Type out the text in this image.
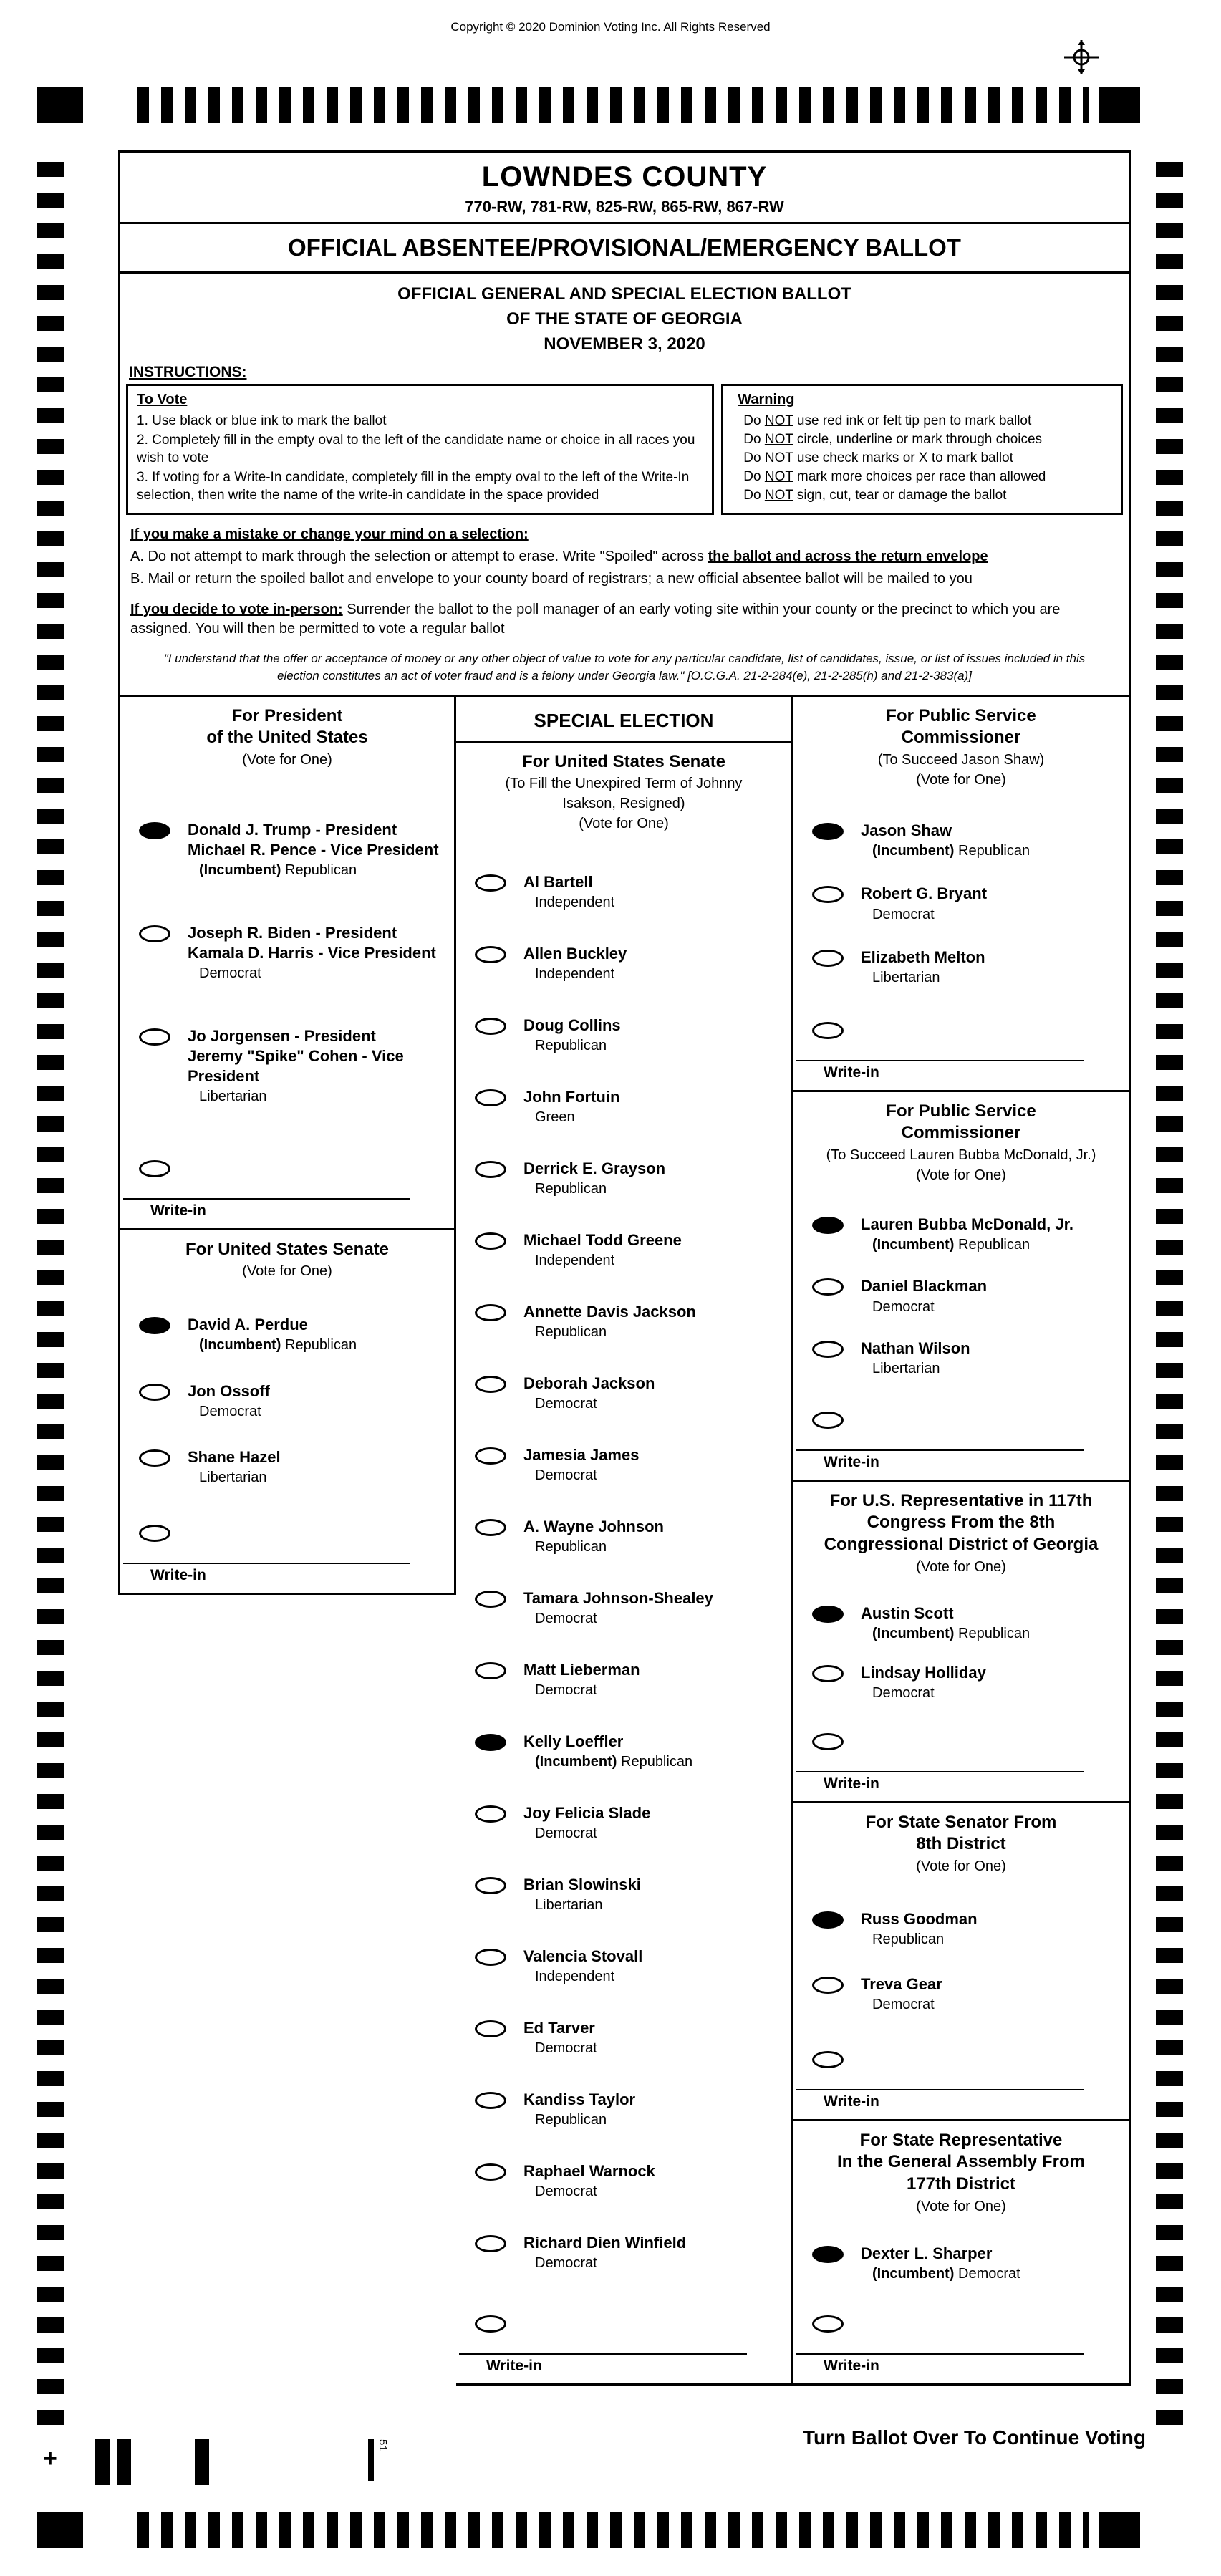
Copyright © 2020 Dominion Voting Inc. All Rights Reserved
LOWNDES COUNTY
770-RW, 781-RW, 825-RW, 865-RW, 867-RW
OFFICIAL ABSENTEE/PROVISIONAL/EMERGENCY BALLOT
OFFICIAL GENERAL AND SPECIAL ELECTION BALLOT
OF THE STATE OF GEORGIA
NOVEMBER 3, 2020
INSTRUCTIONS:
To Vote
1. Use black or blue ink to mark the ballot
2. Completely fill in the empty oval to the left of the candidate name or choice in all races you wish to vote
3. If voting for a Write-In candidate, completely fill in the empty oval to the left of the Write-In selection, then write the name of the write-in candidate in the space provided
Warning
Do NOT use red ink or felt tip pen to mark ballot
Do NOT circle, underline or mark through choices
Do NOT use check marks or X to mark ballot
Do NOT mark more choices per race than allowed
Do NOT sign, cut, tear or damage the ballot
If you make a mistake or change your mind on a selection:
A. Do not attempt to mark through the selection or attempt to erase. Write "Spoiled" across the ballot and across the return envelope
B. Mail or return the spoiled ballot and envelope to your county board of registrars; a new official absentee ballot will be mailed to you
If you decide to vote in-person: Surrender the ballot to the poll manager of an early voting site within your county or the precinct to which you are assigned. You will then be permitted to vote a regular ballot
"I understand that the offer or acceptance of money or any other object of value to vote for any particular candidate, list of candidates, issue, or list of issues included in this election constitutes an act of voter fraud and is a felony under Georgia law." [O.C.G.A. 21-2-284(e), 21-2-285(h) and 21-2-383(a)]
For President
of the United States
(Vote for One)
Donald J. Trump - President
Michael R. Pence - Vice President
(Incumbent) Republican
Joseph R. Biden - President
Kamala D. Harris - Vice President
Democrat
Jo Jorgensen - President
Jeremy "Spike" Cohen - Vice President
Libertarian
Write-in
For United States Senate
(Vote for One)
David A. Perdue
(Incumbent) Republican
Jon Ossoff
Democrat
Shane Hazel
Libertarian
Write-in
SPECIAL ELECTION
For United States Senate
(To Fill the Unexpired Term of Johnny
Isakson, Resigned)
(Vote for One)
Al Bartell
Independent
Allen Buckley
Independent
Doug Collins
Republican
John Fortuin
Green
Derrick E. Grayson
Republican
Michael Todd Greene
Independent
Annette Davis Jackson
Republican
Deborah Jackson
Democrat
Jamesia James
Democrat
A. Wayne Johnson
Republican
Tamara Johnson-Shealey
Democrat
Matt Lieberman
Democrat
Kelly Loeffler
(Incumbent) Republican
Joy Felicia Slade
Democrat
Brian Slowinski
Libertarian
Valencia Stovall
Independent
Ed Tarver
Democrat
Kandiss Taylor
Republican
Raphael Warnock
Democrat
Richard Dien Winfield
Democrat
Write-in
For Public Service
Commissioner
(To Succeed Jason Shaw)
(Vote for One)
Jason Shaw
(Incumbent) Republican
Robert G. Bryant
Democrat
Elizabeth Melton
Libertarian
Write-in
For Public Service
Commissioner
(To Succeed Lauren Bubba McDonald, Jr.)
(Vote for One)
Lauren Bubba McDonald, Jr.
(Incumbent) Republican
Daniel Blackman
Democrat
Nathan Wilson
Libertarian
Write-in
For U.S. Representative in 117th
Congress From the 8th
Congressional District of Georgia
(Vote for One)
Austin Scott
(Incumbent) Republican
Lindsay Holliday
Democrat
Write-in
For State Senator From
8th District
(Vote for One)
Russ Goodman
Republican
Treva Gear
Democrat
Write-in
For State Representative
In the General Assembly From
177th District
(Vote for One)
Dexter L. Sharper
(Incumbent) Democrat
Write-in
Turn Ballot Over To Continue Voting
+	51
